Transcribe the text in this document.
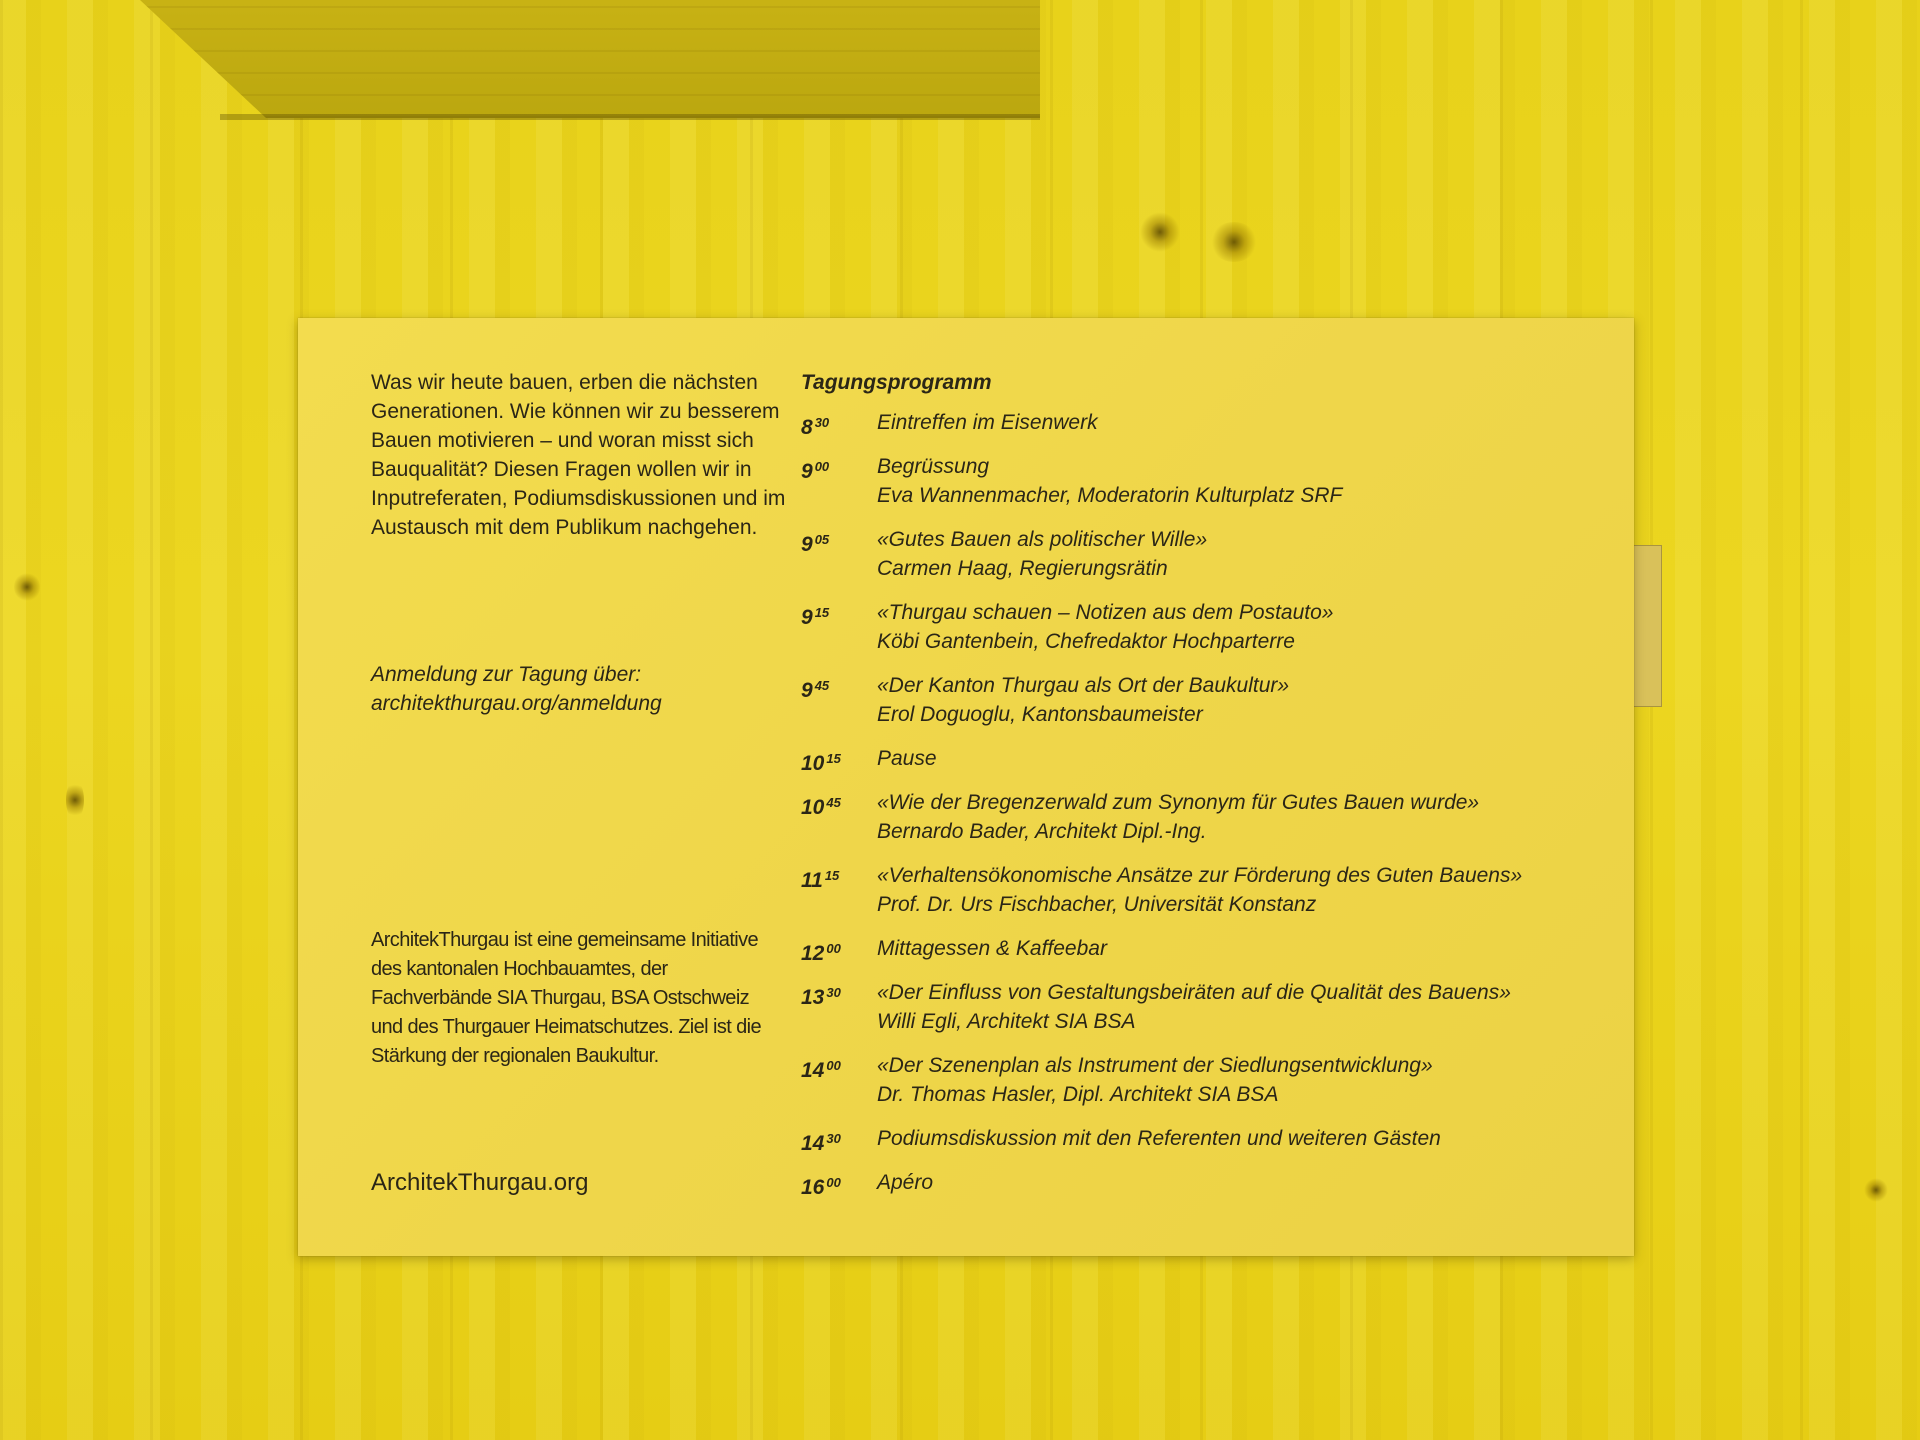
Was wir heute bauen, erben die nächsten Generationen. Wie können wir zu besserem Bauen motivieren – und woran misst sich Bauqualität? Diesen Fragen wollen wir in Inputreferaten, Podiumsdiskussionen und im Austausch mit dem Publikum nachgehen.

Anmeldung zur Tagung über:

architekthurgau.org/anmeldung

ArchitekThurgau ist eine gemeinsame Initiative des kantonalen Hochbauamtes, der Fachverbände SIA Thurgau, BSA Ostschweiz und des Thurgauer Heimatschutzes. Ziel ist die Stärkung der regionalen Baukultur.

ArchitekThurgau.org

Tagungsprogramm

8 $^{30}$	Eintreffen im Eisenwerk
9 $^{00}$	Begrüssung
Eva Wannenmacher, Moderatorin Kulturplatz SRF
9 $^{05}$	«Gutes Bauen als politischer Wille»
Carmen Haag, Regierungsrätin
9 $^{15}$	«Thurgau schauen – Notizen aus dem Postauto»
Köbi Gantenbein, Chefredaktor Hochparterre
9 $^{45}$	«Der Kanton Thurgau als Ort der Baukultur»
Erol Doguoglu, Kantonsbaumeister
10 $^{15}$	Pause
10 $^{45}$	«Wie der Bregenzerwald zum Synonym für Gutes Bauen wurde»
Bernardo Bader, Architekt Dipl.-Ing.
11 $^{15}$	«Verhaltensökonomische Ansätze zur Förderung des Guten Bauens»
Prof. Dr. Urs Fischbacher, Universität Konstanz
12 $^{00}$	Mittagessen & Kaffeebar
13 $^{30}$	«Der Einfluss von Gestaltungsbeiräten auf die Qualität des Bauens»
Willi Egli, Architekt SIA BSA
14 $^{00}$	«Der Szenenplan als Instrument der Siedlungsentwicklung»
Dr. Thomas Hasler, Dipl. Architekt SIA BSA
14 $^{30}$	Podiumsdiskussion mit den Referenten und weiteren Gästen
16 $^{00}$	Apéro
